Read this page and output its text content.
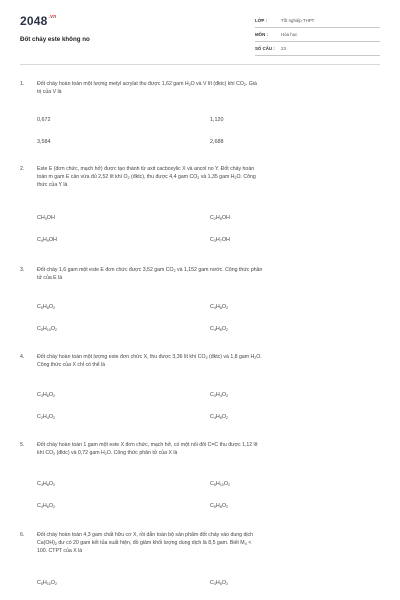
$2048^{.vn}$
Đốt cháy este không no
LỚP :	Tốt nghiệp THPT
MÔN :	Hóa học
SỐ CÂU :	23
1.	Đốt cháy hoàn toàn một lượng metyl acrylat thu được 1,62 gam $H_2O$ và V lít (đktc) khí $CO_2$. Giá
trị của V là
0,672	1,120
3,584	2,688
2.	Este E (đơn chức, mạch hở) được tạo thành từ axit cacboxylic X và ancol no Y. Đốt cháy hoàn
toàn m gam E cần vừa đủ 2,52 lít khí $O_2$ (đktc), thu được 4,4 gam $CO_2$ và 1,35 gam $H_2O$. Công
thức của Y là
$CH_3OH$	$C_2H_5OH$
$C_4H_9OH$	$C_3H_7OH$
3.	Đốt cháy 1,6 gam một este E đơn chức được 3,52 gam $CO_2$ và 1,152 gam nước. Công thức phân
tử của E là
$C_5H_8O_2$	$C_4H_8O_2$
$C_5H_{10}O_2$	$C_4H_6O_2$
4.	Đốt cháy hoàn toàn một lượng este đơn chức X, thu được 3,36 lít khí $CO_2$ (đktc) và 1,8 gam $H_2O$.
Công thức của X chỉ có thể là
$C_3H_6O_2$	$C_3H_4O_2$
$C_2H_4O_2$	$C_4H_8O_2$
5.	Đốt cháy hoàn toàn 1 gam một este X đơn chức, mạch hở, có một nối đôi C=C thu được 1,12 lít
khí $CO_2$ (đktc) và 0,72 gam $H_2O$. Công thức phân tử của X là
$C_4H_8O_2$	$C_5H_{10}O_2$
$C_4H_6O_2$	$C_5H_8O_2$
6.	Đốt cháy hoàn toàn 4,3 gam chất hữu cơ X, rồi dẫn toàn bộ sản phẩm đốt cháy vào dung dịch
$Ca(OH)_2$ dư có 20 gam kết tủa xuất hiện, đồ giảm khối lượng dung dịch là 8,5 gam. Biết $M_X$ <
100. CTPT của X là
$C_5H_{10}O_2$	$C_3H_6O_2$
